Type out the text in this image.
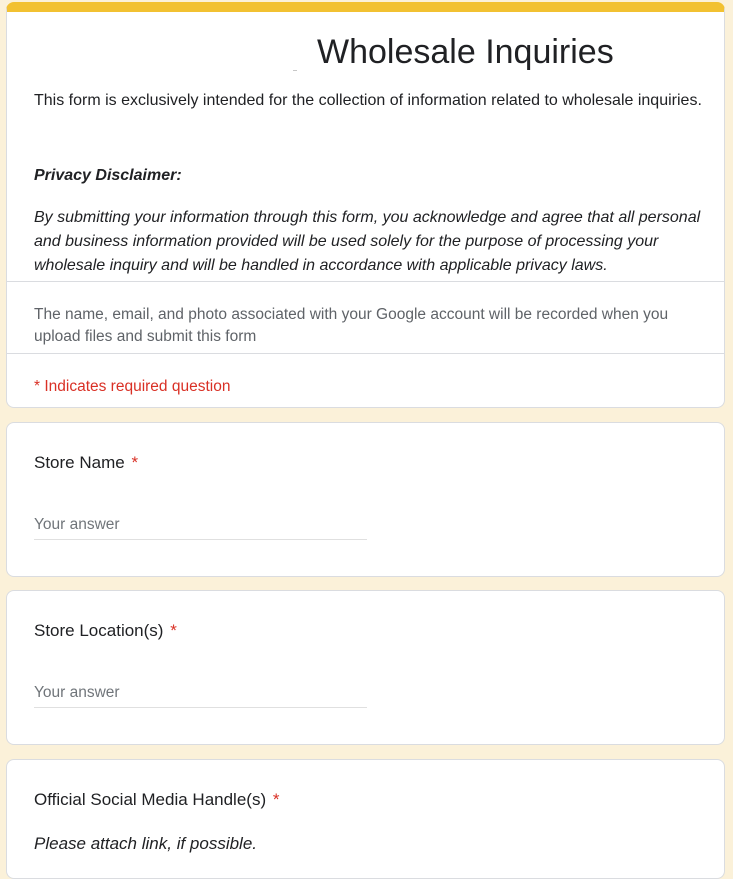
Wholesale Inquiries

This form is exclusively intended for the collection of information related to wholesale inquiries.

Privacy Disclaimer:

By submitting your information through this form, you acknowledge and agree that all personal and business information provided will be used solely for the purpose of processing your wholesale inquiry and will be handled in accordance with applicable privacy laws.

The name, email, and photo associated with your Google account will be recorded when you upload files and submit this form

* Indicates required question

Store Name *

Your answer

Store Location(s) *

Your answer

Official Social Media Handle(s) *

Please attach link, if possible.
